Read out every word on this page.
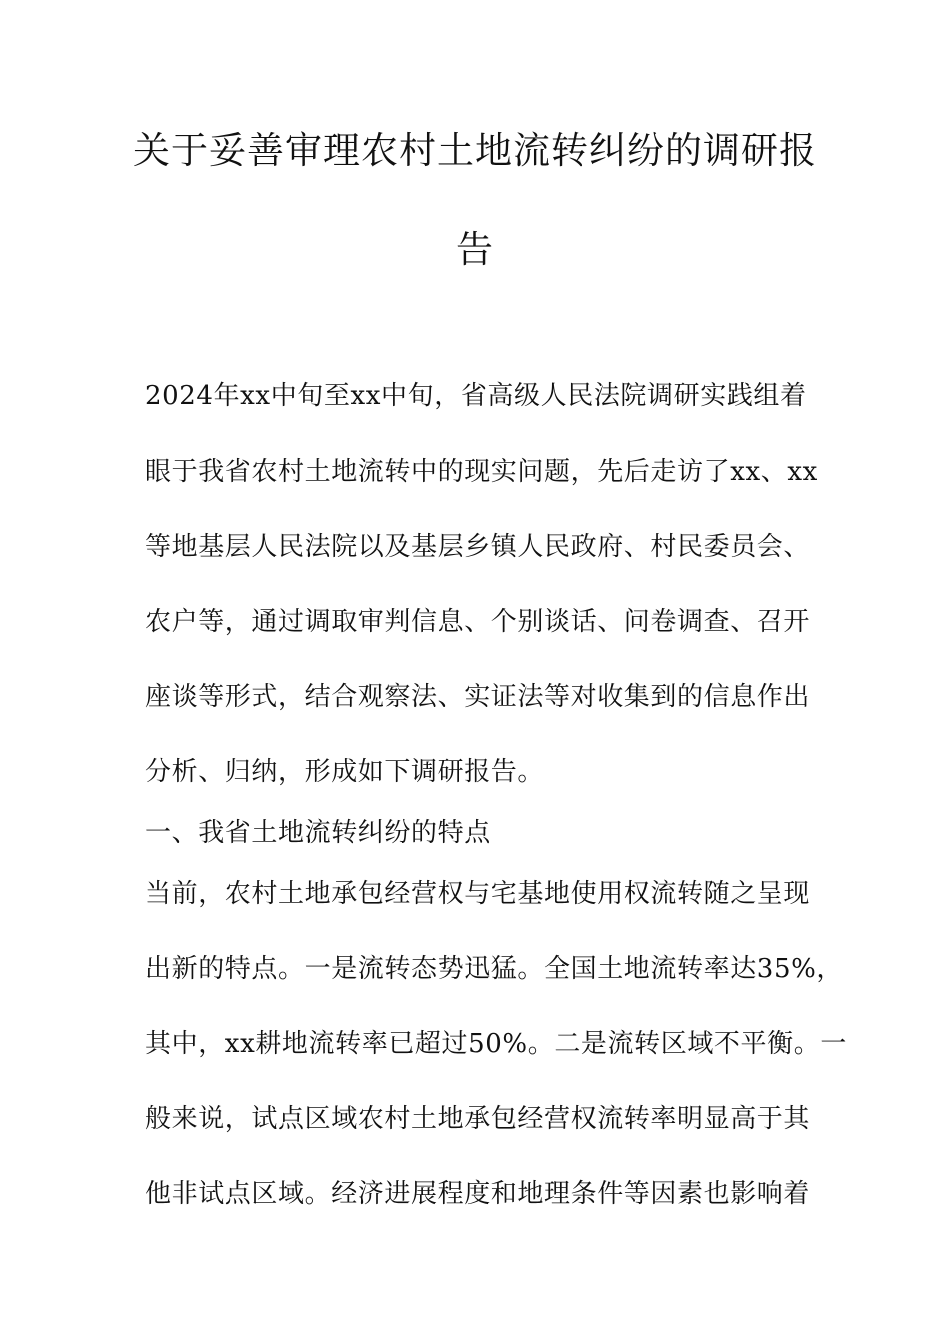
关于妥善审理农村土地流转纠纷的调研报
告

2024年xx中旬至xx中旬，省高级人民法院调研实践组着

眼于我省农村土地流转中的现实问题，先后走访了xx、xx

等地基层人民法院以及基层乡镇人民政府、村民委员会、

农户等，通过调取审判信息、个别谈话、问卷调查、召开

座谈等形式，结合观察法、实证法等对收集到的信息作出

分析、归纳，形成如下调研报告。

一、我省土地流转纠纷的特点

当前，农村土地承包经营权与宅基地使用权流转随之呈现

出新的特点。一是流转态势迅猛。全国土地流转率达35%，

其中，xx耕地流转率已超过50%。二是流转区域不平衡。一

般来说，试点区域农村土地承包经营权流转率明显高于其

他非试点区域。经济进展程度和地理条件等因素也影响着
